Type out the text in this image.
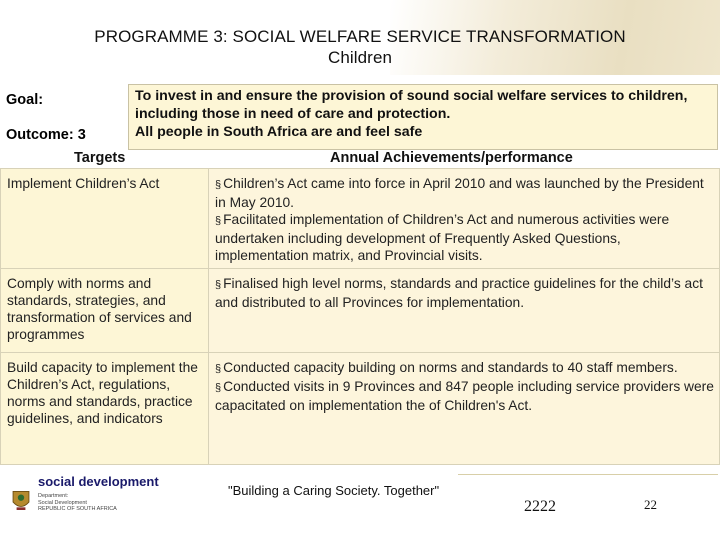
PROGRAMME 3: SOCIAL WELFARE SERVICE TRANSFORMATION
Children
Goal:
Outcome: 3
To invest in and ensure the provision of sound social welfare services to children, including those in need of care and protection.
All people in South Africa are and feel safe
Targets	Annual Achievements/performance
Implement Children’s Act	§ Children’s Act came into force in April 2010 and was launched by the President in May 2010.
§ Facilitated implementation of Children’s Act and numerous activities were undertaken including development of Frequently Asked Questions, implementation matrix, and Provincial visits.

Comply with norms and standards, strategies, and transformation of services and programmes	§ Finalised high level norms, standards and practice guidelines for the child’s act and distributed to all Provinces for implementation.

Build capacity to implement the Children’s Act, regulations, norms and standards, practice guidelines, and indicators	§ Conducted capacity building on norms and standards to 40 staff members.
§ Conducted visits in 9 Provinces and 847 people including service providers were capacitated on implementation the of Children's Act.
social development
Department:
Social Development
REPUBLIC OF SOUTH AFRICA
"Building a Caring Society. Together"
2222	22
